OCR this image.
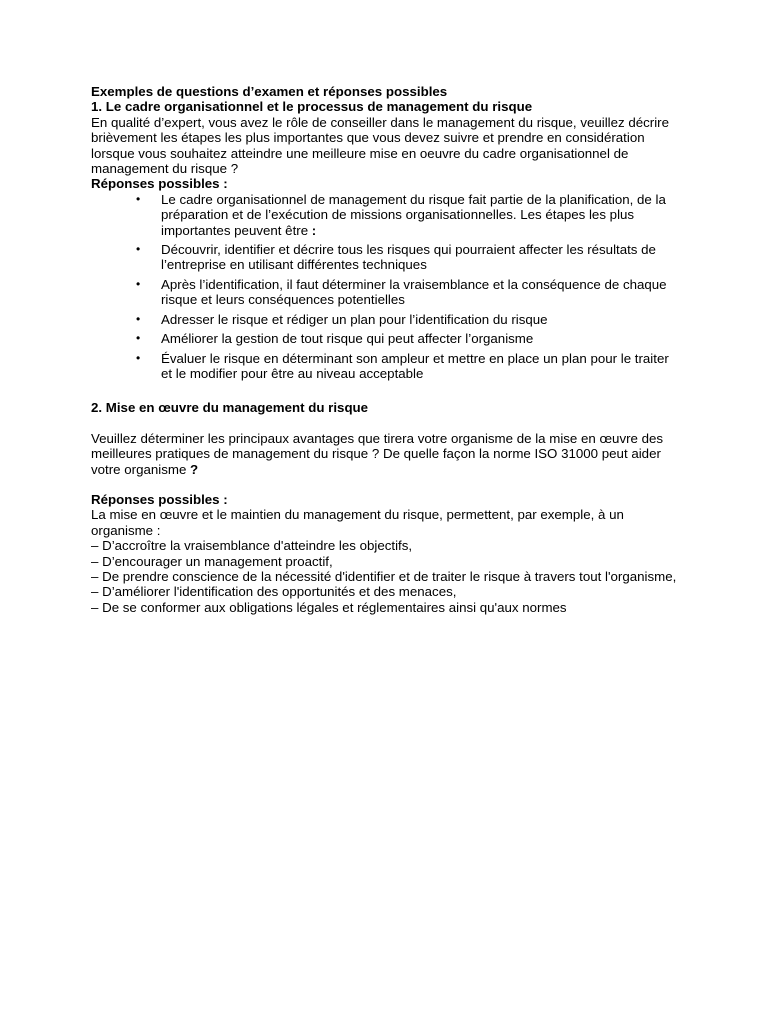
Exemples de questions d’examen et réponses possibles

1. Le cadre organisationnel et le processus de management du risque

En qualité d’expert, vous avez le rôle de conseiller dans le management du risque, veuillez décrire brièvement les étapes les plus importantes que vous devez suivre et prendre en considération lorsque vous souhaitez atteindre une meilleure mise en oeuvre du cadre organisationnel de management du risque ?

Réponses possibles :

• Le cadre organisationnel de management du risque fait partie de la planification, de la préparation et de l’exécution de missions organisationnelles. Les étapes les plus importantes peuvent être :
• Découvrir, identifier et décrire tous les risques qui pourraient affecter les résultats de l’entreprise en utilisant différentes techniques
• Après l’identification, il faut déterminer la vraisemblance et la conséquence de chaque risque et leurs conséquences potentielles
• Adresser le risque et rédiger un plan pour l’identification du risque
• Améliorer la gestion de tout risque qui peut affecter l’organisme
• Évaluer le risque en déterminant son ampleur et mettre en place un plan pour le traiter et le modifier pour être au niveau acceptable

2. Mise en œuvre du management du risque

Veuillez déterminer les principaux avantages que tirera votre organisme de la mise en œuvre des meilleures pratiques de management du risque ? De quelle façon la norme ISO 31000 peut aider votre organisme ?

Réponses possibles :

La mise en œuvre et le maintien du management du risque, permettent, par exemple, à un organisme :

– D’accroître la vraisemblance d'atteindre les objectifs,

– D’encourager un management proactif,

– De prendre conscience de la nécessité d'identifier et de traiter le risque à travers tout l'organisme,

– D’améliorer l'identification des opportunités et des menaces,

– De se conformer aux obligations légales et réglementaires ainsi qu'aux normes
